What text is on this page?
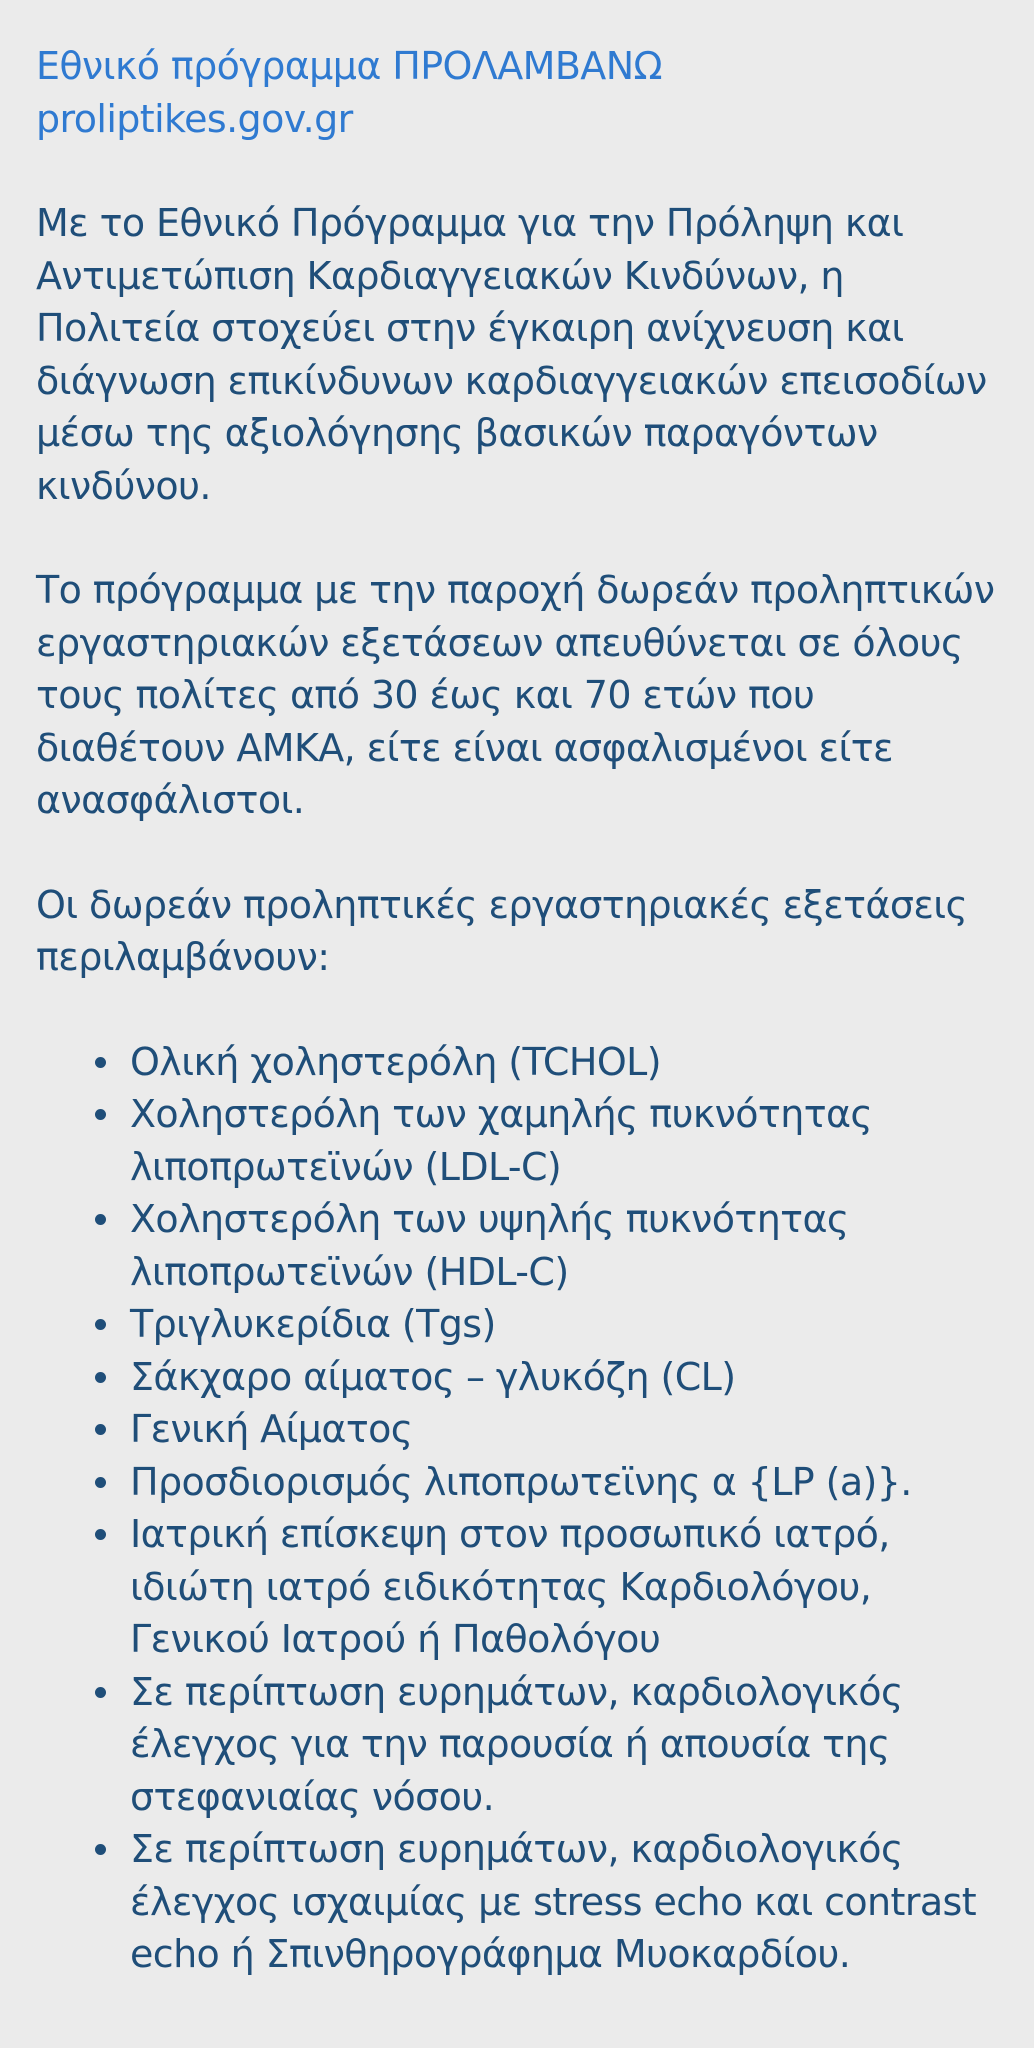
Εθνικό πρόγραμμα ΠΡΟΛΑΜΒΑΝΩ
proliptikes.gov.gr

Με το Εθνικό Πρόγραμμα για την Πρόληψη και Αντιμετώπιση Καρδιαγγειακών Κινδύνων, η Πολιτεία στοχεύει στην έγκαιρη ανίχνευση και διάγνωση επικίνδυνων καρδιαγγειακών επεισοδίων μέσω της αξιολόγησης βασικών παραγόντων κινδύνου.

Το πρόγραμμα με την παροχή δωρεάν προληπτικών εργαστηριακών εξετάσεων απευθύνεται σε όλους τους πολίτες από 30 έως και 70 ετών που διαθέτουν ΑΜΚΑ, είτε είναι ασφαλισμένοι είτε ανασφάλιστοι.

Οι δωρεάν προληπτικές εργαστηριακές εξετάσεις περιλαμβάνουν:

Ολική χοληστερόλη (TCHOL)
Χοληστερόλη των χαμηλής πυκνότητας λιποπρωτεϊνών (LDL-C)
Χοληστερόλη των υψηλής πυκνότητας λιποπρωτεϊνών (HDL-C)
Τριγλυκερίδια (Tgs)
Σάκχαρο αίματος – γλυκόζη (CL)
Γενική Αίματος
Προσδιορισμός λιποπρωτεϊνης α {LP (a)}.
Ιατρική επίσκεψη στον προσωπικό ιατρό, ιδιώτη ιατρό ειδικότητας Καρδιολόγου, Γενικού Ιατρού ή Παθολόγου
Σε περίπτωση ευρημάτων, καρδιολογικός έλεγχος για την παρουσία ή απουσία της στεφανιαίας νόσου.
Σε περίπτωση ευρημάτων, καρδιολογικός έλεγχος ισχαιμίας με stress echo και contrast echo ή Σπινθηρογράφημα Μυοκαρδίου.
